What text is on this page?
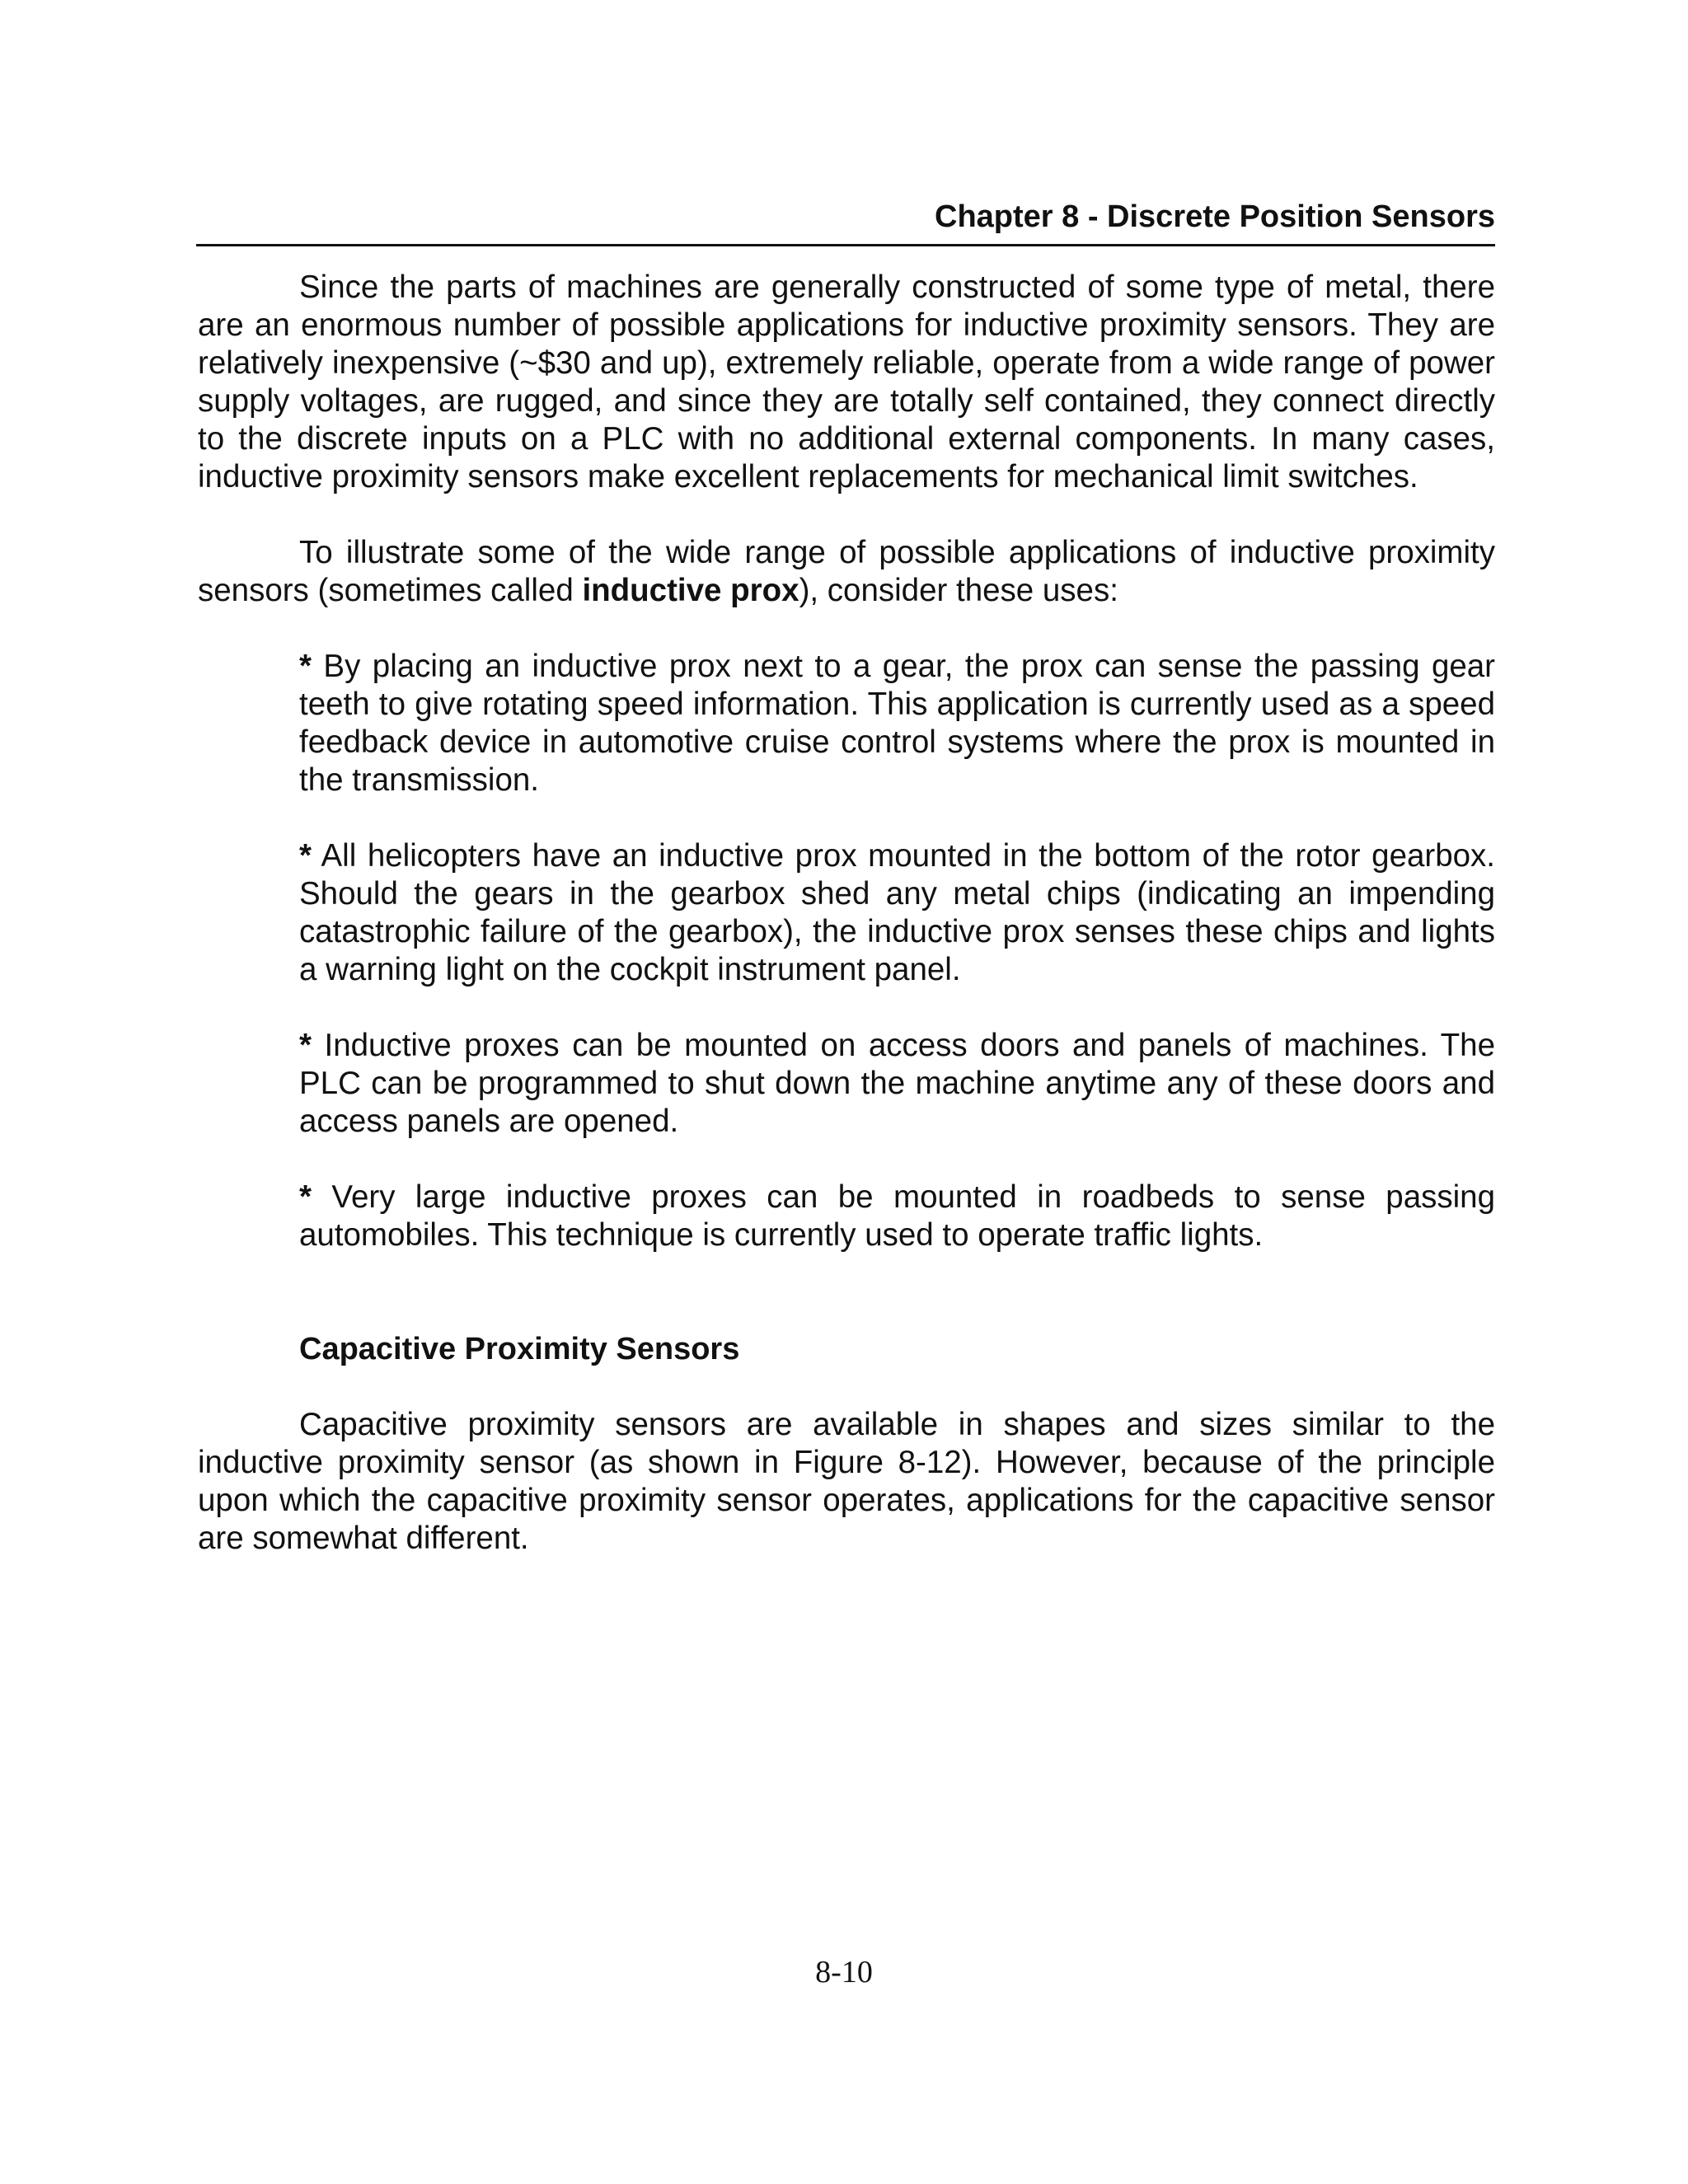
Chapter 8 - Discrete Position Sensors

Since the parts of machines are generally constructed of some type of metal, there are an enormous number of possible applications for inductive proximity sensors. They are relatively inexpensive (~$30 and up), extremely reliable, operate from a wide range of power supply voltages, are rugged, and since they are totally self contained, they connect directly to the discrete inputs on a PLC with no additional external components. In many cases, inductive proximity sensors make excellent replacements for mechanical limit switches.

To illustrate some of the wide range of possible applications of inductive proximity sensors (sometimes called inductive prox), consider these uses:

* By placing an inductive prox next to a gear, the prox can sense the passing gear teeth to give rotating speed information. This application is currently used as a speed feedback device in automotive cruise control systems where the prox is mounted in the transmission.

* All helicopters have an inductive prox mounted in the bottom of the rotor gearbox. Should the gears in the gearbox shed any metal chips (indicating an impending catastrophic failure of the gearbox), the inductive prox senses these chips and lights a warning light on the cockpit instrument panel.

* Inductive proxes can be mounted on access doors and panels of machines. The PLC can be programmed to shut down the machine anytime any of these doors and access panels are opened.

* Very large inductive proxes can be mounted in roadbeds to sense passing automobiles. This technique is currently used to operate traffic lights.

Capacitive Proximity Sensors

Capacitive proximity sensors are available in shapes and sizes similar to the inductive proximity sensor (as shown in Figure 8-12). However, because of the principle upon which the capacitive proximity sensor operates, applications for the capacitive sensor are somewhat different.

8-10
